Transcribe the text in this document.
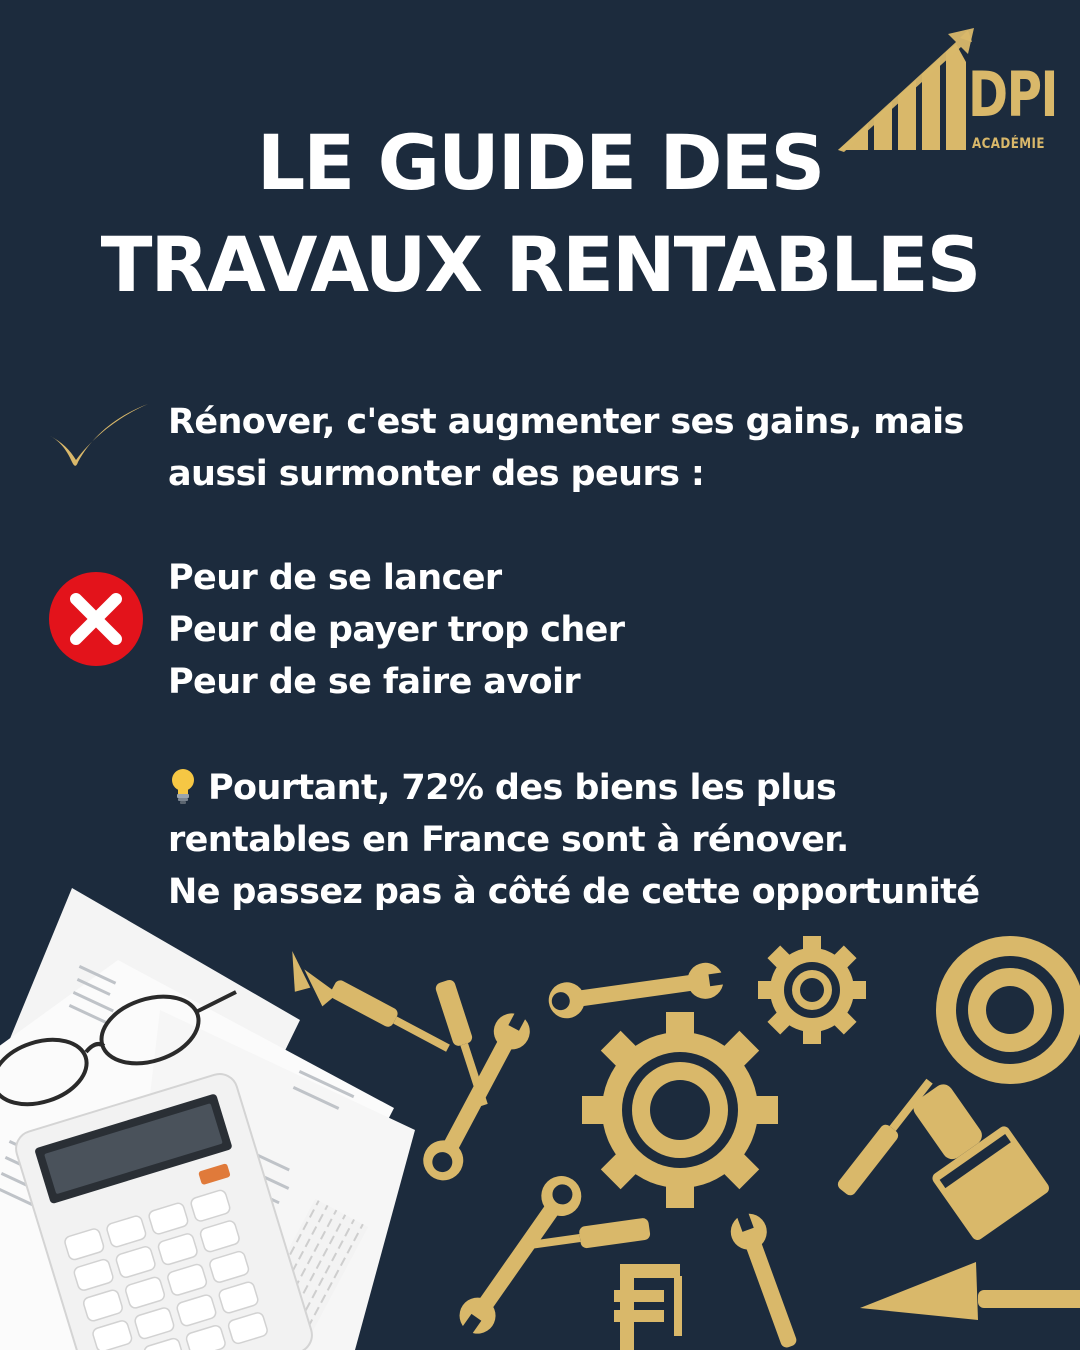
DPI
ACADÉMIE
LE GUIDE DES
TRAVAUX RENTABLES
Rénover, c'est augmenter ses gains, mais
aussi surmonter des peurs :
Peur de se lancer
Peur de payer trop cher
Peur de se faire avoir
Pourtant, 72% des biens les plus
rentables en France sont à rénover.
Ne passez pas à côté de cette opportunité
